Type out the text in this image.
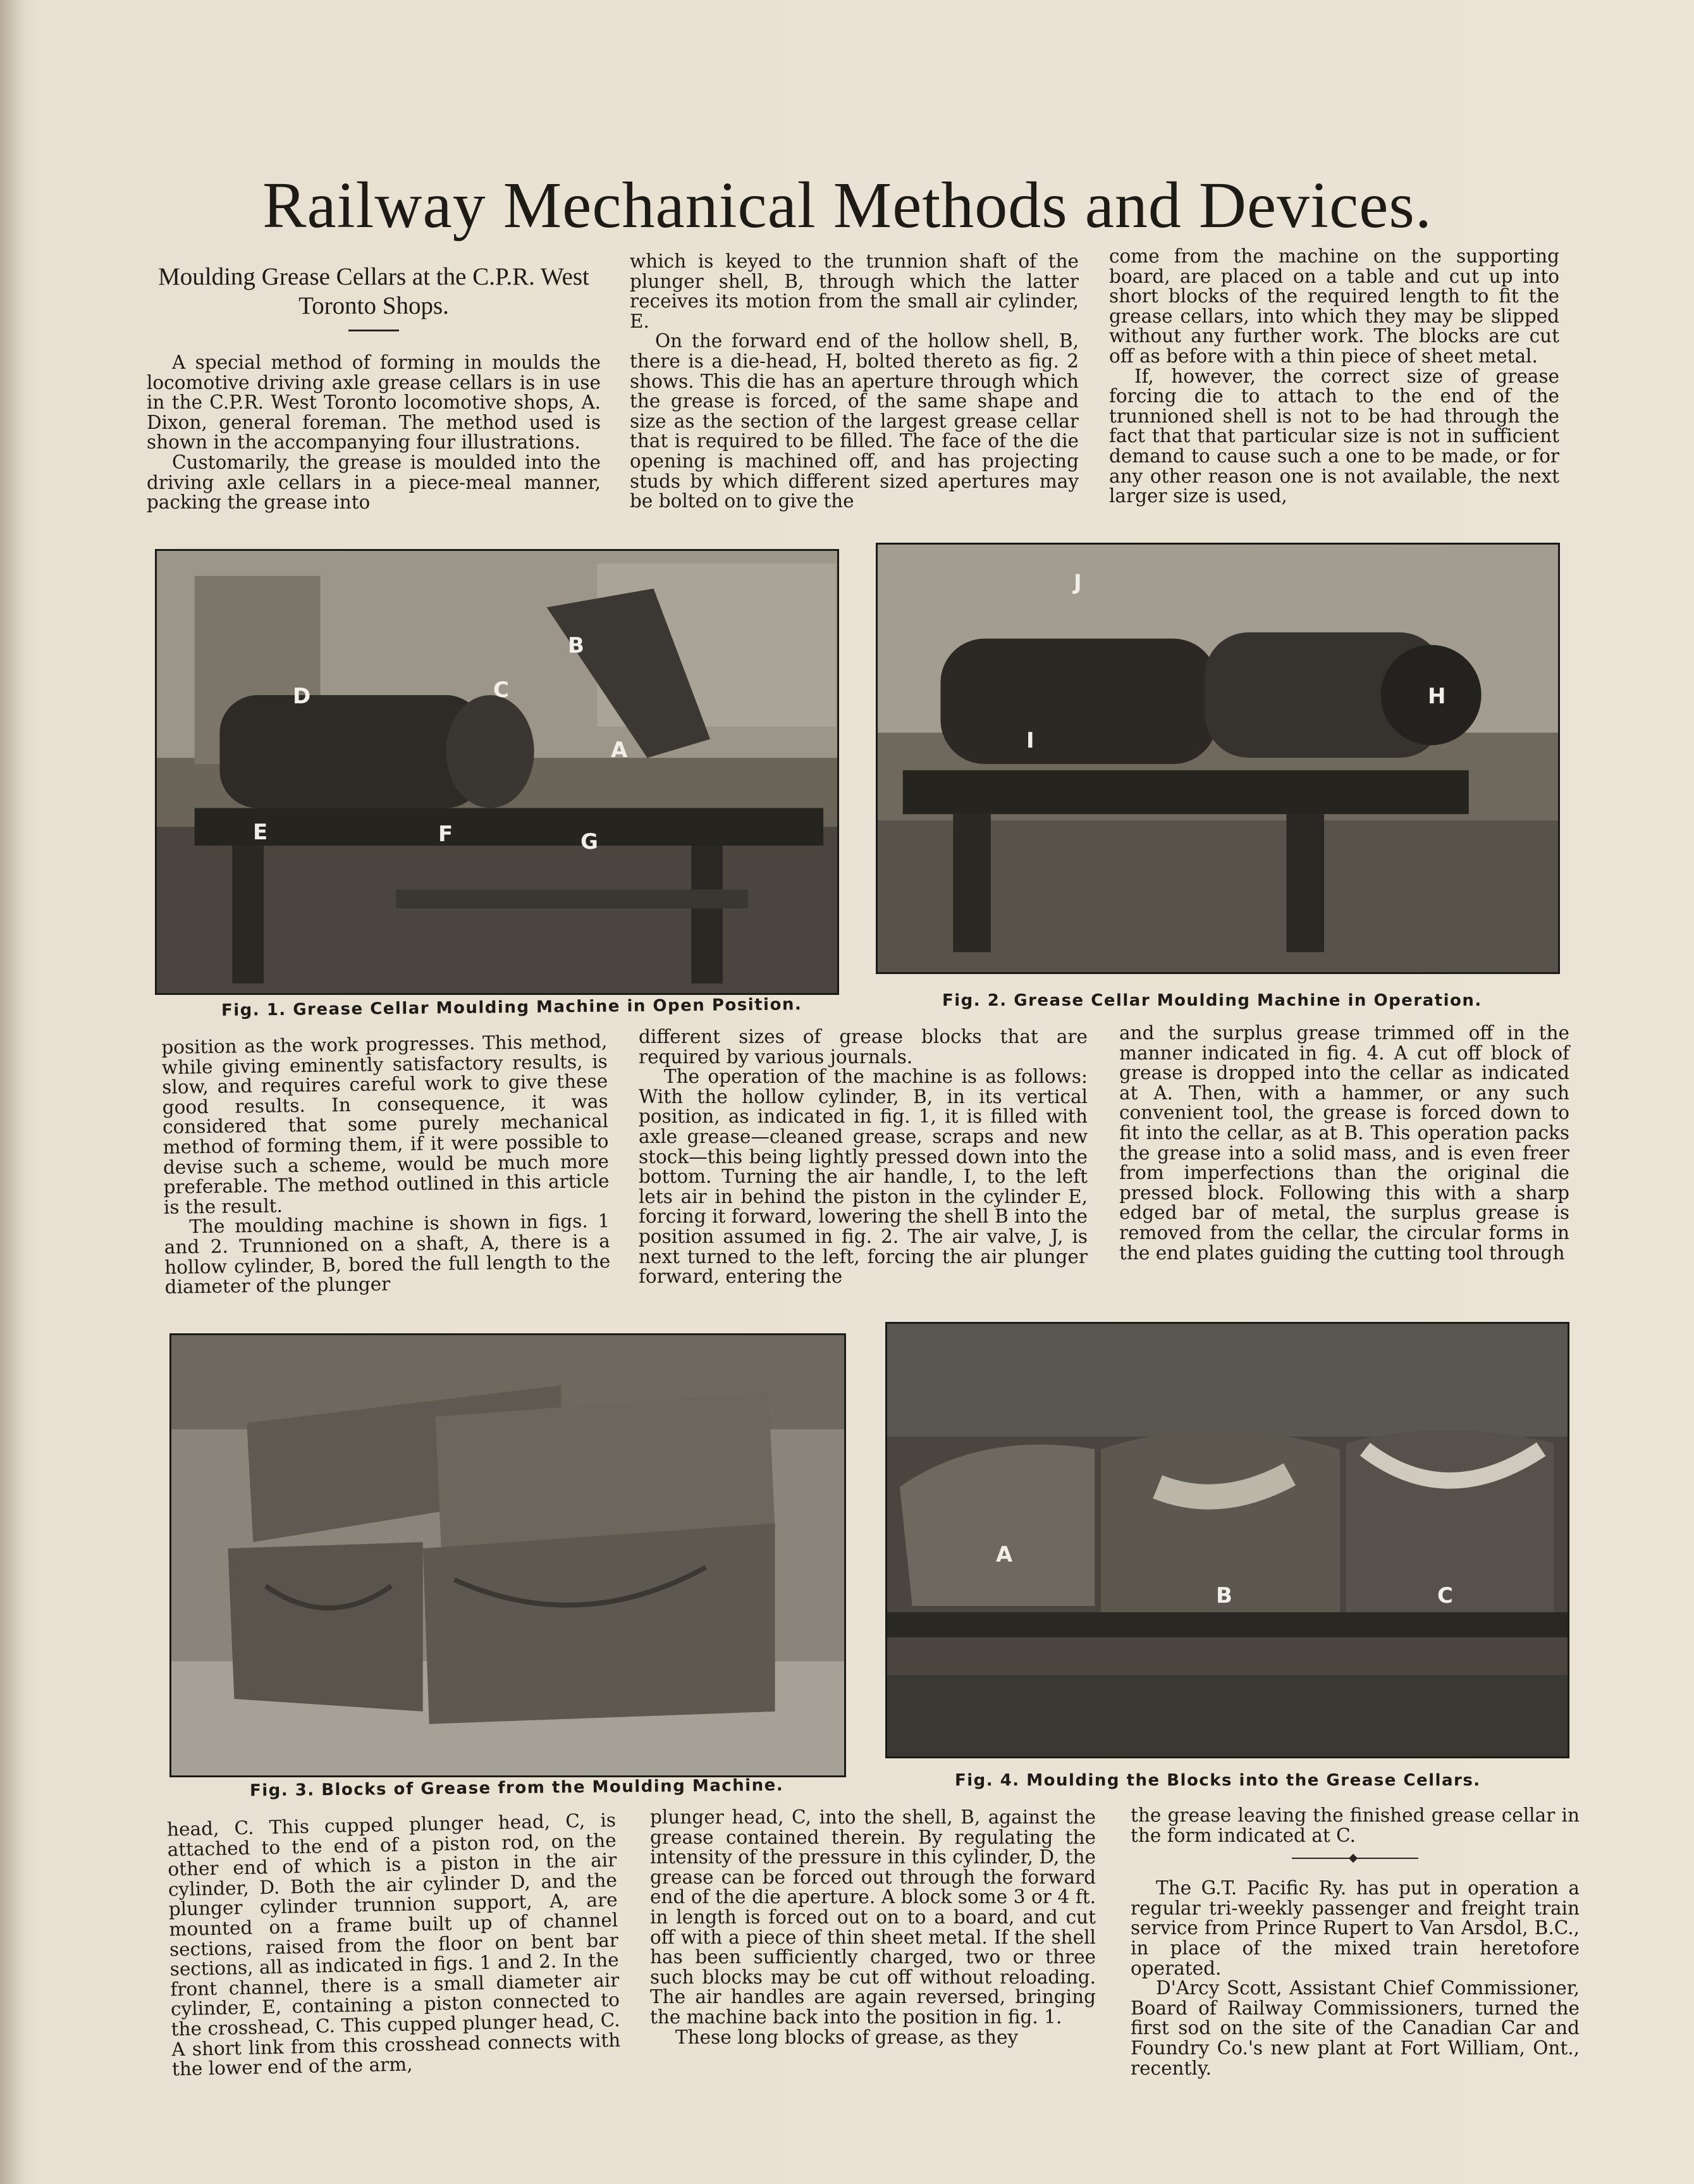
Railway Mechanical Methods and Devices.
Moulding Grease Cellars at the C.P.R. West Toronto Shops.

A special method of forming in moulds the locomotive driving axle grease cellars is in use in the C.P.R. West Toronto locomotive shops, A. Dixon, general foreman. The method used is shown in the accompanying four illustrations.

Customarily, the grease is moulded into the driving axle cellars in a piece-meal manner, packing the grease into

which is keyed to the trunnion shaft of the plunger shell, B, through which the latter receives its motion from the small air cylinder, E.

On the forward end of the hollow shell, B, there is a die-head, H, bolted thereto as fig. 2 shows. This die has an aperture through which the grease is forced, of the same shape and size as the section of the largest grease cellar that is required to be filled. The face of the die opening is machined off, and has projecting studs by which different sized apertures may be bolted on to give the

come from the machine on the supporting board, are placed on a table and cut up into short blocks of the required length to fit the grease cellars, into which they may be slipped without any further work. The blocks are cut off as before with a thin piece of sheet metal.

If, however, the correct size of grease forcing die to attach to the end of the trunnioned shell is not to be had through the fact that that particular size is not in sufficient demand to cause such a one to be made, or for any other reason one is not available, the next larger size is used,

D	C
B
A
E	F	G
Fig. 1. Grease Cellar Moulding Machine in Open Position.
J
I
H
Fig. 2. Grease Cellar Moulding Machine in Operation.

position as the work progresses. This method, while giving eminently satisfactory results, is slow, and requires careful work to give these good results. In consequence, it was considered that some purely mechanical method of forming them, if it were possible to devise such a scheme, would be much more preferable. The method outlined in this article is the result.

The moulding machine is shown in figs. 1 and 2. Trunnioned on a shaft, A, there is a hollow cylinder, B, bored the full length to the diameter of the plunger

different sizes of grease blocks that are required by various journals.

The operation of the machine is as follows: With the hollow cylinder, B, in its vertical position, as indicated in fig. 1, it is filled with axle grease—cleaned grease, scraps and new stock—this being lightly pressed down into the bottom. Turning the air handle, I, to the left lets air in behind the piston in the cylinder E, forcing it forward, lowering the shell B into the position assumed in fig. 2. The air valve, J, is next turned to the left, forcing the air plunger forward, entering the

and the surplus grease trimmed off in the manner indicated in fig. 4. A cut off block of grease is dropped into the cellar as indicated at A. Then, with a hammer, or any such convenient tool, the grease is forced down to fit into the cellar, as at B. This operation packs the grease into a solid mass, and is even freer from imperfections than the original die pressed block. Following this with a sharp edged bar of metal, the surplus grease is removed from the cellar, the circular forms in the end plates guiding the cutting tool through

Fig. 3. Blocks of Grease from the Moulding Machine.
A
B	C
Fig. 4. Moulding the Blocks into the Grease Cellars.

head, C. This cupped plunger head, C, is attached to the end of a piston rod, on the other end of which is a piston in the air cylinder, D. Both the air cylinder D, and the plunger cylinder trunnion support, A, are mounted on a frame built up of channel sections, raised from the floor on bent bar sections, all as indicated in figs. 1 and 2. In the front channel, there is a small diameter air cylinder, E, containing a piston connected to the crosshead, C. This cupped plunger head, C. A short link from this crosshead connects with the lower end of the arm,

plunger head, C, into the shell, B, against the grease contained therein. By regulating the intensity of the pressure in this cylinder, D, the grease can be forced out through the forward end of the die aperture. A block some 3 or 4 ft. in length is forced out on to a board, and cut off with a piece of thin sheet metal. If the shell has been sufficiently charged, two or three such blocks may be cut off without reloading. The air handles are again reversed, bringing the machine back into the position in fig. 1.

These long blocks of grease, as they

the grease leaving the finished grease cellar in the form indicated at C.

The G.T. Pacific Ry. has put in operation a regular tri-weekly passenger and freight train service from Prince Rupert to Van Arsdol, B.C., in place of the mixed train heretofore operated.

D'Arcy Scott, Assistant Chief Commissioner, Board of Railway Commissioners, turned the first sod on the site of the Canadian Car and Foundry Co.'s new plant at Fort William, Ont., recently.
